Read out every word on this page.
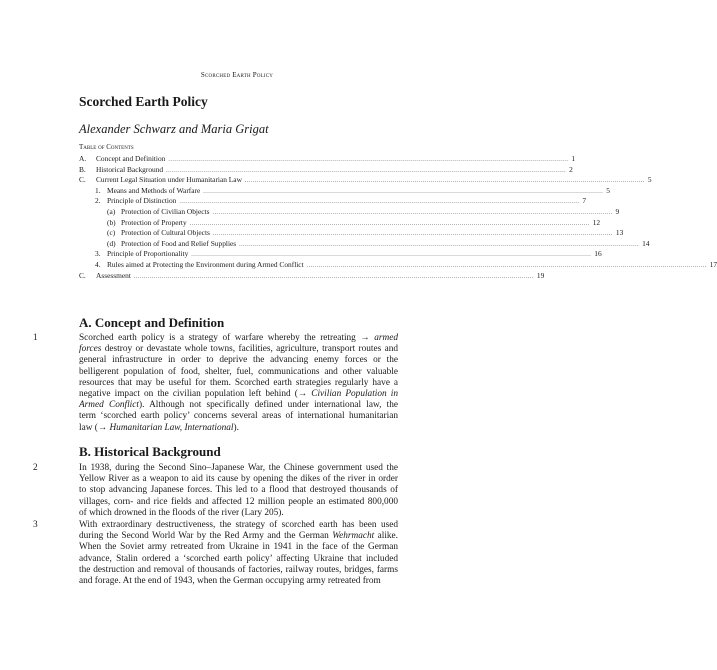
Scorched Earth Policy
Scorched Earth Policy
Alexander Schwarz and Maria Grigat
Table of Contents
A.	Concept and Definition ........................................................................................................................................................................................................ 1
B.	Historical Background ........................................................................................................................................................................................................ 2
C.	Current Legal Situation under Humanitarian Law ........................................................................................................................................................................................................ 5
1. Means and Methods of Warfare ........................................................................................................................................................................................................ 5
2. Principle of Distinction ........................................................................................................................................................................................................ 7
(a) Protection of Civilian Objects ........................................................................................................................................................................................................ 9
(b) Protection of Property ........................................................................................................................................................................................................ 12
(c) Protection of Cultural Objects ........................................................................................................................................................................................................ 13
(d) Protection of Food and Relief Supplies ........................................................................................................................................................................................................ 14
3. Principle of Proportionality ........................................................................................................................................................................................................ 16
4. Rules aimed at Protecting the Environment during Armed Conflict ........................................................................................................................................................................................................ 17
C.	Assessment ........................................................................................................................................................................................................ 19
A. Concept and Definition
1	Scorched earth policy is a strategy of warfare whereby the retreating → armed
forces destroy or devastate whole towns, facilities, agriculture, transport routes and
general infrastructure in order to deprive the advancing enemy forces or the
belligerent population of food, shelter, fuel, communications and other valuable
resources that may be useful for them. Scorched earth strategies regularly have a
negative impact on the civilian population left behind (→ Civilian Population in
Armed Conflict). Although not specifically defined under international law, the
term ‘scorched earth policy’ concerns several areas of international humanitarian
law (→ Humanitarian Law, International).
B. Historical Background
2	In 1938, during the Second Sino–Japanese War, the Chinese government used the
Yellow River as a weapon to aid its cause by opening the dikes of the river in order
to stop advancing Japanese forces. This led to a flood that destroyed thousands of
villages, corn- and rice fields and affected 12 million people an estimated 800,000
of which drowned in the floods of the river (Lary 205).
3	With extraordinary destructiveness, the strategy of scorched earth has been used
during the Second World War by the Red Army and the German Wehrmacht alike.
When the Soviet army retreated from Ukraine in 1941 in the face of the German
advance, Stalin ordered a ‘scorched earth policy’ affecting Ukraine that included
the destruction and removal of thousands of factories, railway routes, bridges, farms
and forage. At the end of 1943, when the German occupying army retreated from
